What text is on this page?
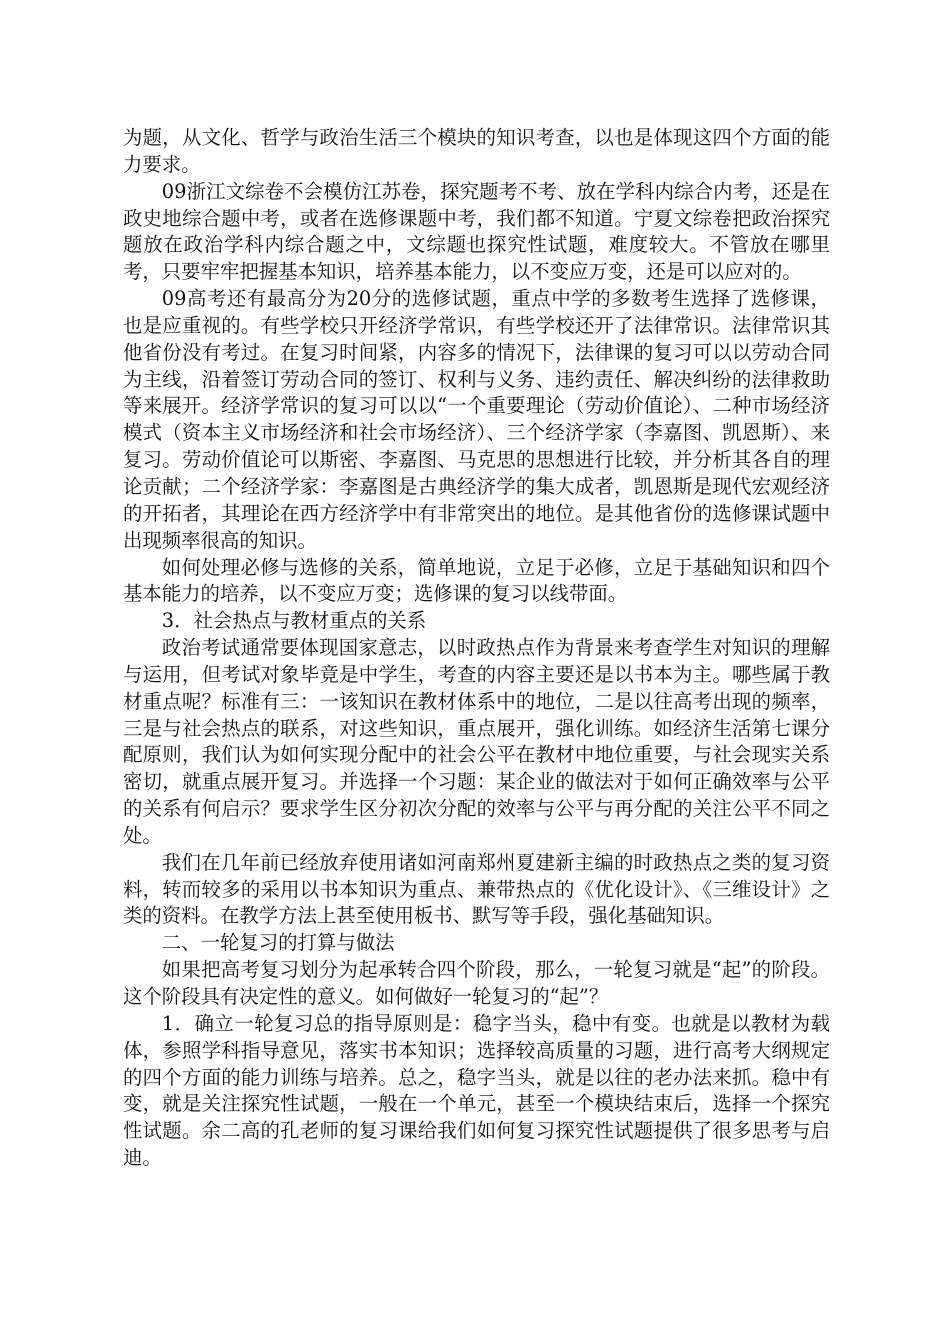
为题，从文化、哲学与政治生活三个模块的知识考查，以也是体现这四个方面的能力要求。

09浙江文综卷不会模仿江苏卷，探究题考不考、放在学科内综合内考，还是在政史地综合题中考，或者在选修课题中考，我们都不知道。宁夏文综卷把政治探究题放在政治学科内综合题之中，文综题也探究性试题，难度较大。不管放在哪里考，只要牢牢把握基本知识，培养基本能力，以不变应万变，还是可以应对的。

09高考还有最高分为20分的选修试题，重点中学的多数考生选择了选修课，也是应重视的。有些学校只开经济学常识，有些学校还开了法律常识。法律常识其他省份没有考过。在复习时间紧，内容多的情况下，法律课的复习可以以劳动合同为主线，沿着签订劳动合同的签订、权利与义务、违约责任、解决纠纷的法律救助等来展开。经济学常识的复习可以以“一个重要理论（劳动价值论）、二种市场经济模式（资本主义市场经济和社会市场经济）、三个经济学家（李嘉图、凯恩斯）、来复习。劳动价值论可以斯密、李嘉图、马克思的思想进行比较，并分析其各自的理论贡献；二个经济学家：李嘉图是古典经济学的集大成者，凯恩斯是现代宏观经济的开拓者，其理论在西方经济学中有非常突出的地位。是其他省份的选修课试题中出现频率很高的知识。

如何处理必修与选修的关系，简单地说，立足于必修，立足于基础知识和四个基本能力的培养，以不变应万变；选修课的复习以线带面。

3．社会热点与教材重点的关系

政治考试通常要体现国家意志，以时政热点作为背景来考查学生对知识的理解与运用，但考试对象毕竟是中学生，考查的内容主要还是以书本为主。哪些属于教材重点呢？标准有三：一该知识在教材体系中的地位，二是以往高考出现的频率，三是与社会热点的联系，对这些知识，重点展开，强化训练。如经济生活第七课分配原则，我们认为如何实现分配中的社会公平在教材中地位重要，与社会现实关系密切，就重点展开复习。并选择一个习题：某企业的做法对于如何正确效率与公平的关系有何启示？要求学生区分初次分配的效率与公平与再分配的关注公平不同之处。

我们在几年前已经放弃使用诸如河南郑州夏建新主编的时政热点之类的复习资料，转而较多的采用以书本知识为重点、兼带热点的《优化设计》、《三维设计》之类的资料。在教学方法上甚至使用板书、默写等手段，强化基础知识。

二、一轮复习的打算与做法

如果把高考复习划分为起承转合四个阶段，那么，一轮复习就是“起”的阶段。这个阶段具有决定性的意义。如何做好一轮复习的“起”？

1．确立一轮复习总的指导原则是：稳字当头，稳中有变。也就是以教材为载体，参照学科指导意见，落实书本知识；选择较高质量的习题，进行高考大纲规定的四个方面的能力训练与培养。总之，稳字当头，就是以往的老办法来抓。稳中有变，就是关注探究性试题，一般在一个单元，甚至一个模块结束后，选择一个探究性试题。余二高的孔老师的复习课给我们如何复习探究性试题提供了很多思考与启迪。
